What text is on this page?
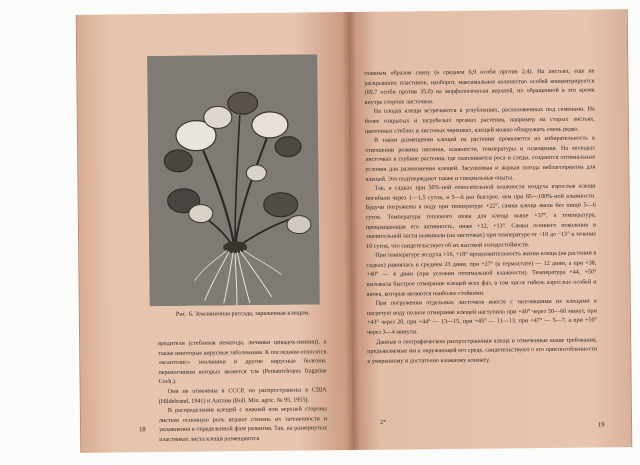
Рис. 6. Земляничная рассада, зараженная клещом.

вредители (стеблевая нематода, личинки цикадок-пенниц), а также некоторые вирусные заболевания. К последним относятся «ксантозис» земляники и другие вирусные болезни, переносчиком которых является тля (Pentatrichopus fragariae Coch.).

Они не отмечены в СССР, но распространены в США (Hildebrand, 1941) и Англии (Bull. Min. agric. № 95, 1955).

В распределении клещей с нижней или верхней стороны листьев основную роль играют степень их затененности и увлажнения в определенной фазе развития. Так, на развернутых пластинках листа клещи размещаются

18

главным образом снизу (в среднем 6,9 особи против 2,4). На листьях, еще не раскрывших пластинок, наоборот, максимальное количество особей концентрируется (69,7 особи против 35,0) на морфологически верхней, но обращенной в это время внутрь стороне листочков.

На плодах клещи встречаются в углублениях, расположенных под семенами. На более открытых и загрубелых органах растения, например на старых листьях, цветочных стеблях и листовых черешках, клещей можно обнаружить очень редко.

В таком размещении клещей на растении проявляется их избирательность в отношении режима питания, влажности, температуры и освещения. На молодых листочках в глубине растения, где скапливается роса и следы, создаются оптимальные условия для размножения клещей. Засушливая и жаркая погода неблагоприятна для клещей. Это подтверждают также и специальные опыты.

Так, в садках при 50%-ной относительной влажности воздуха взрослые клещи погибали через 1—1,5 суток, в 5—6 раз быстрее, чем при 85—100%-ной влажности. Будучи погружены в воду при температуре +22°, самки клеща жили без пищи 5—6 суток. Температура теплового шока для клеща выше +37°, а температура, прекращающая его активность, ниже +12, +13°. Самки осеннего поколения в значительной части выживали (на листочках) при температуре от −10 до −15° в течение 10 суток, что свидетельствует об их высокой холодостойкости.

При температуре воздуха +16, +18° продолжительность жизни клеща (на растении в садках) равнялась в среднем 23 дням, при +27° (в термостате) — 12 дням, а при +38, +40° — 4 дням (при условии оптимальной влажности). Температура +44, +50° вызывала быстрое отмирание клещей всех фаз, в том числе гибель взрослых особей и яичек, которые являются наиболее стойкими.

При погружении отдельных листочков вместе с заселявшими их клещами в нагретую воду полное отмирание клещей наступило при +40° через 50—60 минут, при +43° через 20, при +44° — 13—15, при +45° — 11—13, при +47° — 5—7, а при +50° через 3—4 минуты.

Данные о географическом распространении клеща и отмеченные выше требования, предъявляемые им к окружающей его среде, свидетельствуют о его приспособленности к умеренному и достаточно влажному климату.

2*	19
